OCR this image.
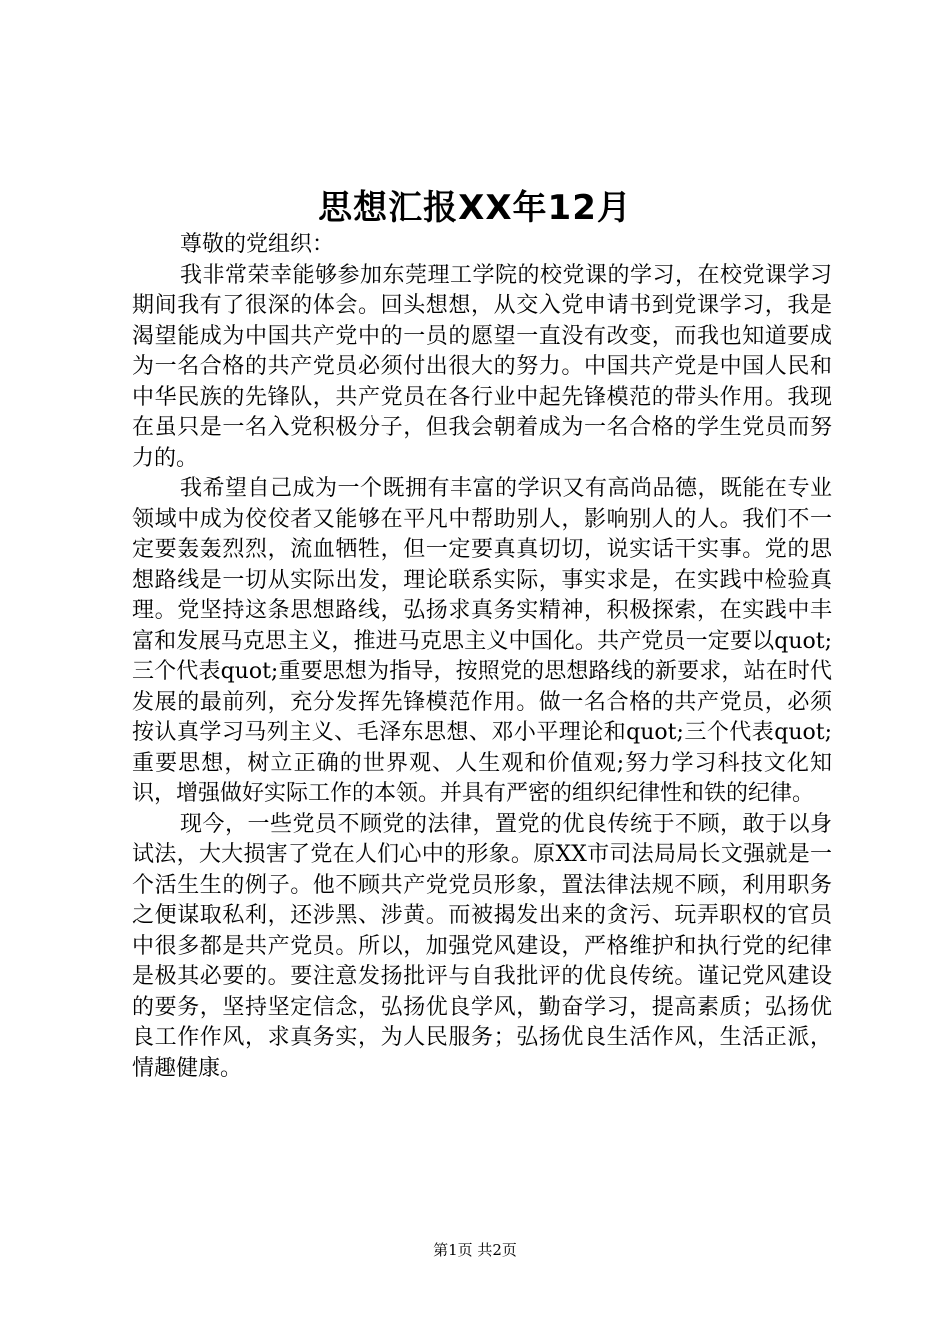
思想汇报XX年12月

尊敬的党组织：

我非常荣幸能够参加东莞理工学院的校党课的学习，在校党课学习期间我有了很深的体会。回头想想，从交入党申请书到党课学习，我是渴望能成为中国共产党中的一员的愿望一直没有改变，而我也知道要成为一名合格的共产党员必须付出很大的努力。中国共产党是中国人民和中华民族的先锋队，共产党员在各行业中起先锋模范的带头作用。我现在虽只是一名入党积极分子，但我会朝着成为一名合格的学生党员而努力的。

我希望自己成为一个既拥有丰富的学识又有高尚品德，既能在专业领域中成为佼佼者又能够在平凡中帮助别人，影响别人的人。我们不一定要轰轰烈烈，流血牺牲，但一定要真真切切，说实话干实事。党的思想路线是一切从实际出发，理论联系实际，事实求是，在实践中检验真理。党坚持这条思想路线，弘扬求真务实精神，积极探索，在实践中丰富和发展马克思主义，推进马克思主义中国化。共产党员一定要以quot;三个代表quot;重要思想为指导，按照党的思想路线的新要求，站在时代发展的最前列，充分发挥先锋模范作用。做一名合格的共产党员，必须按认真学习马列主义、毛泽东思想、邓小平理论和quot;三个代表quot;重要思想，树立正确的世界观、人生观和价值观;努力学习科技文化知识，增强做好实际工作的本领。并具有严密的组织纪律性和铁的纪律。

现今，一些党员不顾党的法律，置党的优良传统于不顾，敢于以身试法，大大损害了党在人们心中的形象。原XX市司法局局长文强就是一个活生生的例子。他不顾共产党党员形象，置法律法规不顾，利用职务之便谋取私利，还涉黑、涉黄。而被揭发出来的贪污、玩弄职权的官员中很多都是共产党员。所以，加强党风建设，严格维护和执行党的纪律是极其必要的。要注意发扬批评与自我批评的优良传统。谨记党风建设的要务，坚持坚定信念，弘扬优良学风，勤奋学习，提高素质；弘扬优良工作作风，求真务实，为人民服务；弘扬优良生活作风，生活正派，情趣健康。

第1页 共2页
